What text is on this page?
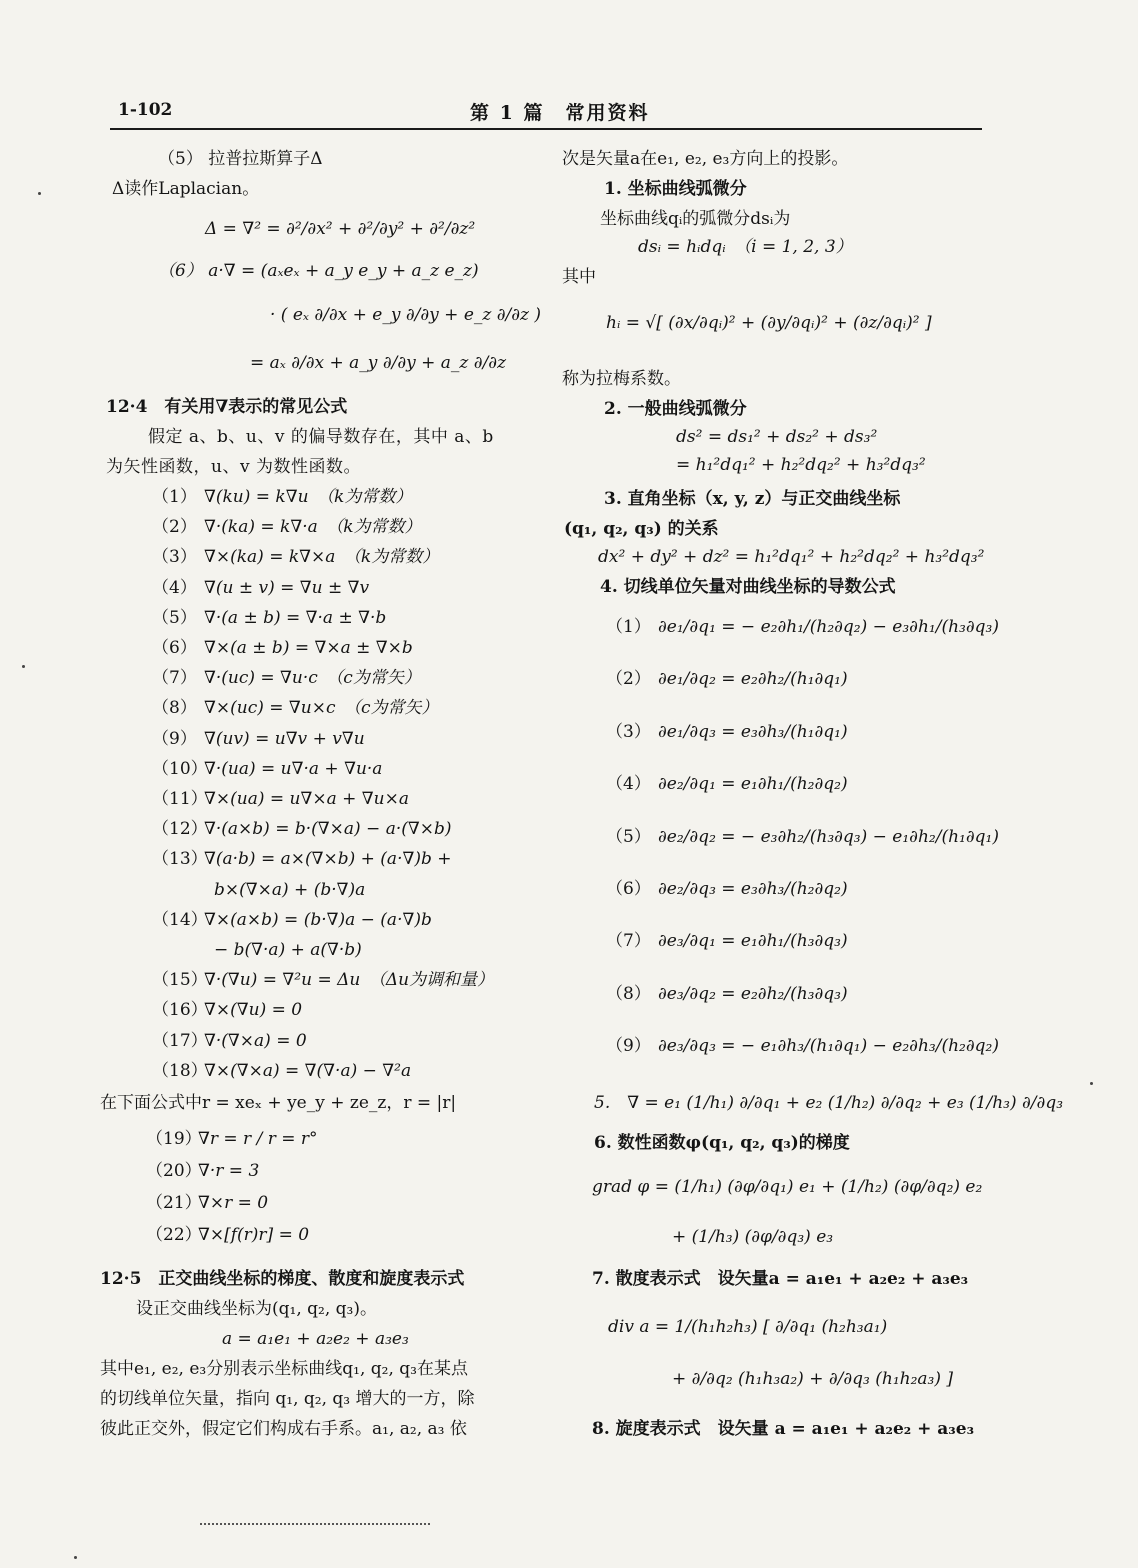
1-102	第 1 篇　常用资料
（5） 拉普拉斯算子Δ
Δ读作Laplacian。
Δ = ∇² = ∂²/∂x² + ∂²/∂y² + ∂²/∂z²
（6） a·∇ = (aₓeₓ + a_y e_y + a_z e_z)
· ( eₓ ∂/∂x + e_y ∂/∂y + e_z ∂/∂z )
= aₓ ∂/∂x + a_y ∂/∂y + a_z ∂/∂z
12·4　有关用∇表示的常见公式
假定 a、b、u、v 的偏导数存在，其中 a、b
为矢性函数，u、v 为数性函数。
（1） ∇(ku) = k∇u　（k为常数）
（2） ∇·(ka) = k∇·a　（k为常数）
（3） ∇×(ka) = k∇×a　（k为常数）
（4） ∇(u ± v) = ∇u ± ∇v
（5） ∇·(a ± b) = ∇·a ± ∇·b
（6） ∇×(a ± b) = ∇×a ± ∇×b
（7） ∇·(uc) = ∇u·c　（c为常矢）
（8） ∇×(uc) = ∇u×c　（c为常矢）
（9） ∇(uv) = u∇v + v∇u
（10）∇·(ua) = u∇·a + ∇u·a
（11）∇×(ua) = u∇×a + ∇u×a
（12）∇·(a×b) = b·(∇×a) − a·(∇×b)
（13）∇(a·b) = a×(∇×b) + (a·∇)b +
b×(∇×a) + (b·∇)a
（14）∇×(a×b) = (b·∇)a − (a·∇)b
− b(∇·a) + a(∇·b)
（15）∇·(∇u) = ∇²u = Δu　（Δu为调和量）
（16）∇×(∇u) = 0
（17）∇·(∇×a) = 0
（18）∇×(∇×a) = ∇(∇·a) − ∇²a
在下面公式中r = xeₓ + ye_y + ze_z，r = |r|
（19）∇r = r / r = r°
（20）∇·r = 3
（21）∇×r = 0
（22）∇×[f(r)r] = 0
12·5　正交曲线坐标的梯度、散度和旋度表示式
设正交曲线坐标为(q₁, q₂, q₃)。
a = a₁e₁ + a₂e₂ + a₃e₃
其中e₁, e₂, e₃分别表示坐标曲线q₁, q₂, q₃在某点
的切线单位矢量，指向 q₁, q₂, q₃ 增大的一方，除
彼此正交外，假定它们构成右手系。a₁, a₂, a₃ 依
次是矢量a在e₁, e₂, e₃方向上的投影。
1. 坐标曲线弧微分
坐标曲线qᵢ的弧微分dsᵢ为
dsᵢ = hᵢdqᵢ　（i = 1, 2, 3）
其中
hᵢ = √[ (∂x/∂qᵢ)² + (∂y/∂qᵢ)² + (∂z/∂qᵢ)² ]
称为拉梅系数。
2. 一般曲线弧微分
ds² = ds₁² + ds₂² + ds₃²
= h₁²dq₁² + h₂²dq₂² + h₃²dq₃²
3. 直角坐标（x, y, z）与正交曲线坐标
(q₁, q₂, q₃) 的关系
dx² + dy² + dz² = h₁²dq₁² + h₂²dq₂² + h₃²dq₃²
4. 切线单位矢量对曲线坐标的导数公式
（1） ∂e₁/∂q₁ = − e₂∂h₁/(h₂∂q₂) − e₃∂h₁/(h₃∂q₃)
（2） ∂e₁/∂q₂ = e₂∂h₂/(h₁∂q₁)
（3） ∂e₁/∂q₃ = e₃∂h₃/(h₁∂q₁)
（4） ∂e₂/∂q₁ = e₁∂h₁/(h₂∂q₂)
（5） ∂e₂/∂q₂ = − e₃∂h₂/(h₃∂q₃) − e₁∂h₂/(h₁∂q₁)
（6） ∂e₂/∂q₃ = e₃∂h₃/(h₂∂q₂)
（7） ∂e₃/∂q₁ = e₁∂h₁/(h₃∂q₃)
（8） ∂e₃/∂q₂ = e₂∂h₂/(h₃∂q₃)
（9） ∂e₃/∂q₃ = − e₁∂h₃/(h₁∂q₁) − e₂∂h₃/(h₂∂q₂)
5.　∇ = e₁ (1/h₁) ∂/∂q₁ + e₂ (1/h₂) ∂/∂q₂ + e₃ (1/h₃) ∂/∂q₃
6. 数性函数φ(q₁, q₂, q₃)的梯度
grad φ = (1/h₁) (∂φ/∂q₁) e₁ + (1/h₂) (∂φ/∂q₂) e₂
+ (1/h₃) (∂φ/∂q₃) e₃
7. 散度表示式　设矢量a = a₁e₁ + a₂e₂ + a₃e₃
div a = 1/(h₁h₂h₃) [ ∂/∂q₁ (h₂h₃a₁)
+ ∂/∂q₂ (h₁h₃a₂) + ∂/∂q₃ (h₁h₂a₃) ]
8. 旋度表示式　设矢量 a = a₁e₁ + a₂e₂ + a₃e₃
